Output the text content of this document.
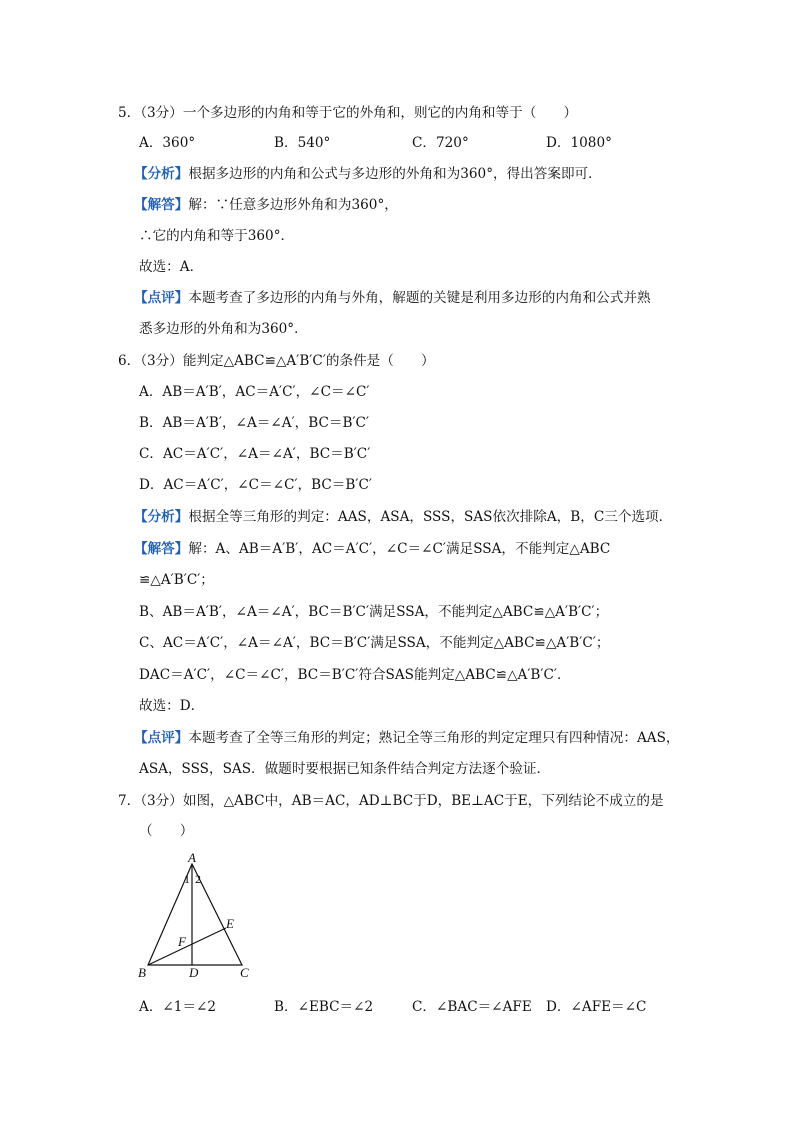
5．（3分）一个多边形的内角和等于它的外角和，则它的内角和等于（　　）
A．360°	B．540°	C．720°	D．1080°
【分析】根据多边形的内角和公式与多边形的外角和为360°，得出答案即可．
【解答】解：∵任意多边形外角和为360°，
∴它的内角和等于360°．
故选：A．
【点评】本题考查了多边形的内角与外角，解题的关键是利用多边形的内角和公式并熟
悉多边形的外角和为360°．
6．（3分）能判定△ABC≌△A′B′C′的条件是（　　）
A．AB＝A′B′，AC＝A′C′，∠C＝∠C′
B．AB＝A′B′，∠A＝∠A′，BC＝B′C′
C．AC＝A′C′，∠A＝∠A′，BC＝B′C′
D．AC＝A′C′，∠C＝∠C′，BC＝B′C′
【分析】根据全等三角形的判定：AAS，ASA，SSS，SAS依次排除A，B，C三个选项．
【解答】解：A、AB＝A′B′，AC＝A′C′，∠C＝∠C′满足SSA，不能判定△ABC
≌△A′B′C′；
B、AB＝A′B′，∠A＝∠A′，BC＝B′C′满足SSA，不能判定△ABC≌△A′B′C′；
C、AC＝A′C′，∠A＝∠A′，BC＝B′C′满足SSA，不能判定△ABC≌△A′B′C′；
DAC＝A′C′，∠C＝∠C′，BC＝B′C′符合SAS能判定△ABC≌△A′B′C′．
故选：D．
【点评】本题考查了全等三角形的判定；熟记全等三角形的判定定理只有四种情况：AAS，
ASA，SSS，SAS．做题时要根据已知条件结合判定方法逐个验证．
7．（3分）如图，△ABC中，AB＝AC，AD⊥BC于D，BE⊥AC于E，下列结论不成立的是
（　　）
A
B	C
D
E
F
1 2
A．∠1＝∠2	B．∠EBC＝∠2	C．∠BAC＝∠AFE D．∠AFE＝∠C
